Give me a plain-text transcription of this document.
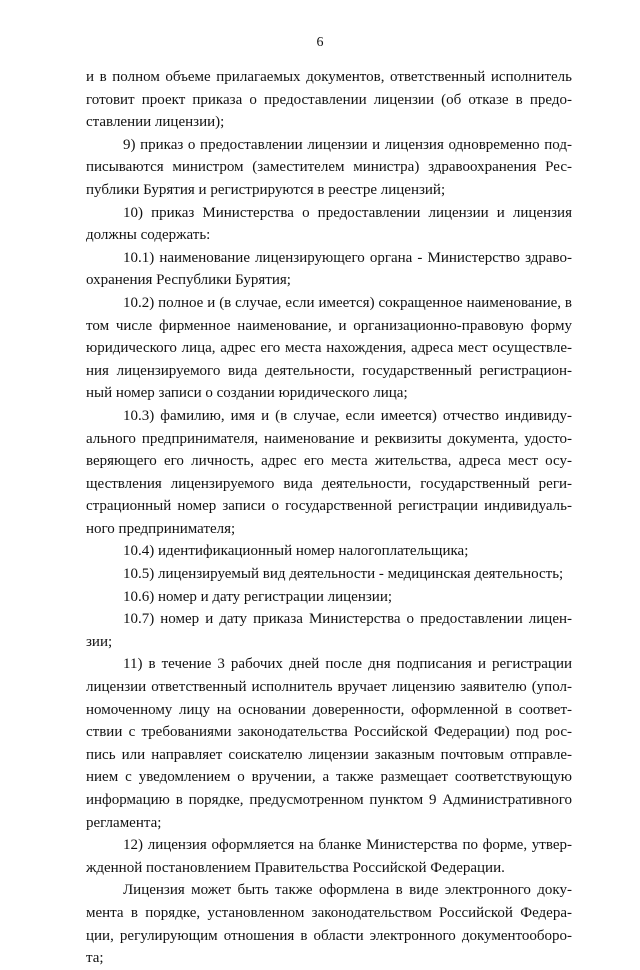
6
и в полном объеме прилагаемых документов, ответственный исполнитель
готовит проект приказа о предоставлении лицензии (об отказе в предо-
ставлении лицензии);
9) приказ о предоставлении лицензии и лицензия одновременно под-
писываются министром (заместителем министра) здравоохранения Рес-
публики Бурятия и регистрируются в реестре лицензий;
10) приказ Министерства о предоставлении лицензии и лицензия
должны содержать:
10.1) наименование лицензирующего органа - Министерство здраво-
охранения Республики Бурятия;
10.2) полное и (в случае, если имеется) сокращенное наименование, в
том числе фирменное наименование, и организационно-правовую форму
юридического лица, адрес его места нахождения, адреса мест осуществле-
ния лицензируемого вида деятельности, государственный регистрацион-
ный номер записи о создании юридического лица;
10.3) фамилию, имя и (в случае, если имеется) отчество индивиду-
ального предпринимателя, наименование и реквизиты документа, удосто-
веряющего его личность, адрес его места жительства, адреса мест осу-
ществления лицензируемого вида деятельности, государственный реги-
страционный номер записи о государственной регистрации индивидуаль-
ного предпринимателя;
10.4) идентификационный номер налогоплательщика;
10.5) лицензируемый вид деятельности - медицинская деятельность;
10.6) номер и дату регистрации лицензии;
10.7) номер и дату приказа Министерства о предоставлении лицен-
зии;
11) в течение 3 рабочих дней после дня подписания и регистрации
лицензии ответственный исполнитель вручает лицензию заявителю (упол-
номоченному лицу на основании доверенности, оформленной в соответ-
ствии с требованиями законодательства Российской Федерации) под рос-
пись или направляет соискателю лицензии заказным почтовым отправле-
нием с уведомлением о вручении, а также размещает соответствующую
информацию в порядке, предусмотренном пунктом 9 Административного
регламента;
12) лицензия оформляется на бланке Министерства по форме, утвер-
жденной постановлением Правительства Российской Федерации.
Лицензия может быть также оформлена в виде электронного доку-
мента в порядке, установленном законодательством Российской Федера-
ции, регулирующим отношения в области электронного документооборо-
та;
